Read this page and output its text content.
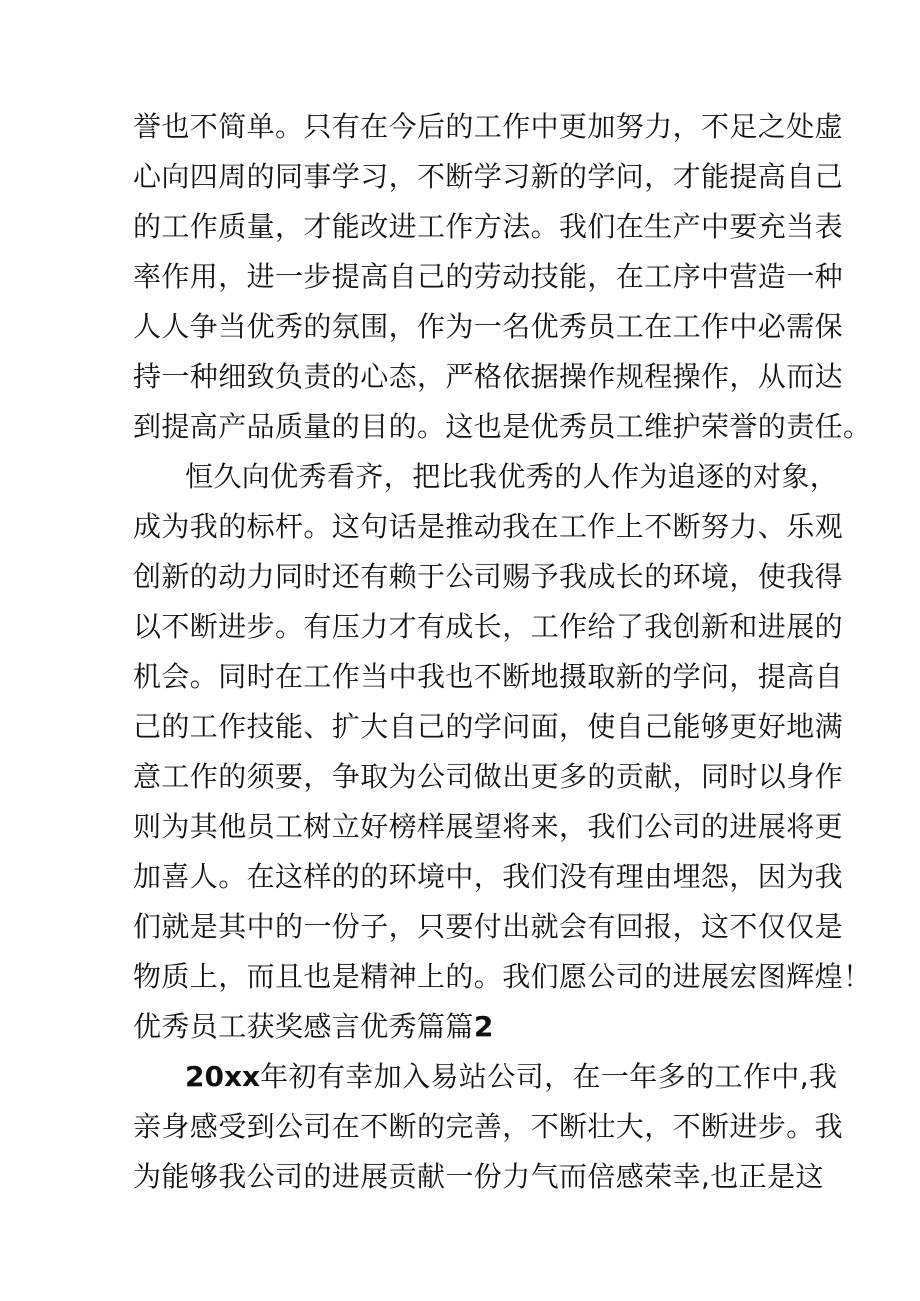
誉也不简单。只有在今后的工作中更加努力，不足之处虚
心向四周的同事学习，不断学习新的学问，才能提高自己
的工作质量，才能改进工作方法。我们在生产中要充当表
率作用，进一步提高自己的劳动技能，在工序中营造一种
人人争当优秀的氛围，作为一名优秀员工在工作中必需保
持一种细致负责的心态，严格依据操作规程操作，从而达
到提高产品质量的目的。这也是优秀员工维护荣誉的责任。
恒久向优秀看齐，把比我优秀的人作为追逐的对象，
成为我的标杆。这句话是推动我在工作上不断努力、乐观
创新的动力同时还有赖于公司赐予我成长的环境，使我得
以不断进步。有压力才有成长，工作给了我创新和进展的
机会。同时在工作当中我也不断地摄取新的学问，提高自
己的工作技能、扩大自己的学问面，使自己能够更好地满
意工作的须要，争取为公司做出更多的贡献，同时以身作
则为其他员工树立好榜样展望将来，我们公司的进展将更
加喜人。在这样的的环境中，我们没有理由埋怨，因为我
们就是其中的一份子，只要付出就会有回报，这不仅仅是
物质上，而且也是精神上的。我们愿公司的进展宏图辉煌！
优秀员工获奖感言优秀篇篇2
20xx年初有幸加入易站公司，在一年多的工作中,我
亲身感受到公司在不断的完善，不断壮大，不断进步。我
为能够我公司的进展贡献一份力气而倍感荣幸,也正是这
